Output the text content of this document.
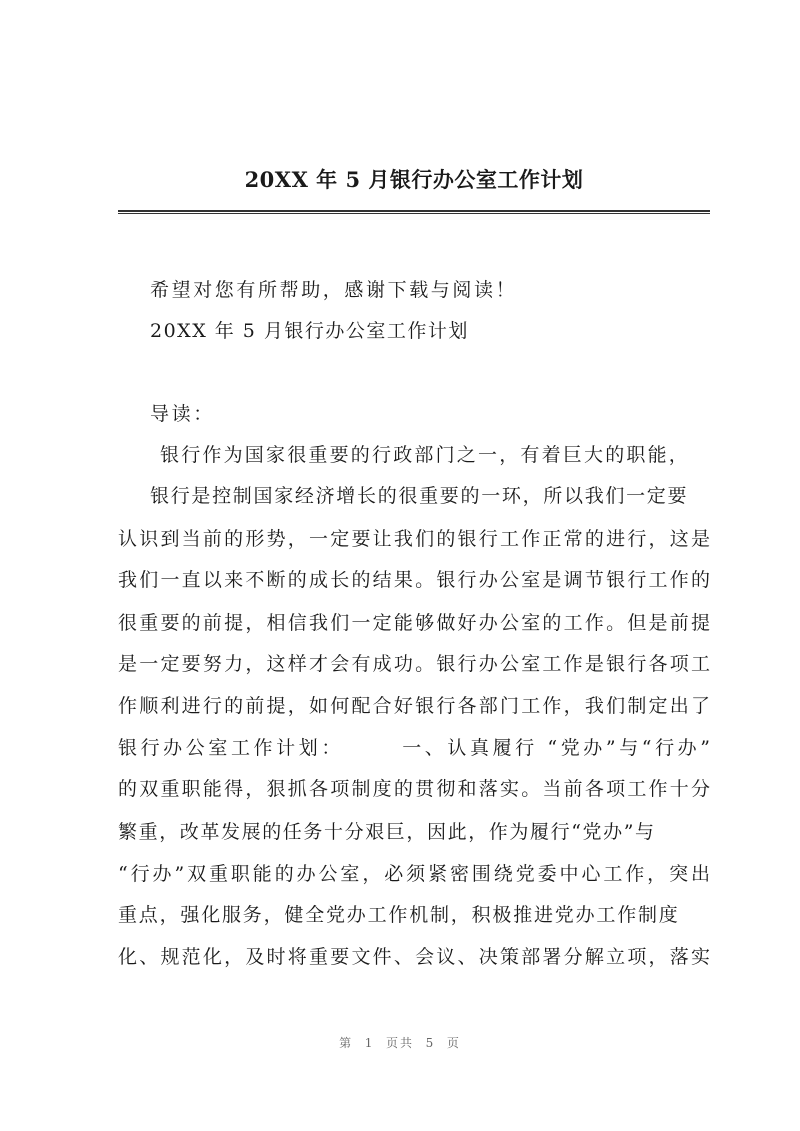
20XX 年 5 月银行办公室工作计划
希望对您有所帮助，感谢下载与阅读！
20XX 年 5 月银行办公室工作计划
导读：
银行作为国家很重要的行政部门之一，有着巨大的职能，
银行是控制国家经济增长的很重要的一环，所以我们一定要
认识到当前的形势，一定要让我们的银行工作正常的进行，这是
我们一直以来不断的成长的结果。银行办公室是调节银行工作的
很重要的前提，相信我们一定能够做好办公室的工作。但是前提
是一定要努力，这样才会有成功。银行办公室工作是银行各项工
作顺利进行的前提，如何配合好银行各部门工作，我们制定出了
银行办公室工作计划：　　　一、认真履行 “党办”与“行办”
的双重职能得，狠抓各项制度的贯彻和落实。当前各项工作十分
繁重，改革发展的任务十分艰巨，因此，作为履行“党办”与
“行办”双重职能的办公室，必须紧密围绕党委中心工作，突出
重点，强化服务，健全党办工作机制，积极推进党办工作制度
化、规范化，及时将重要文件、会议、决策部署分解立项，落实
第  1  页共  5  页
